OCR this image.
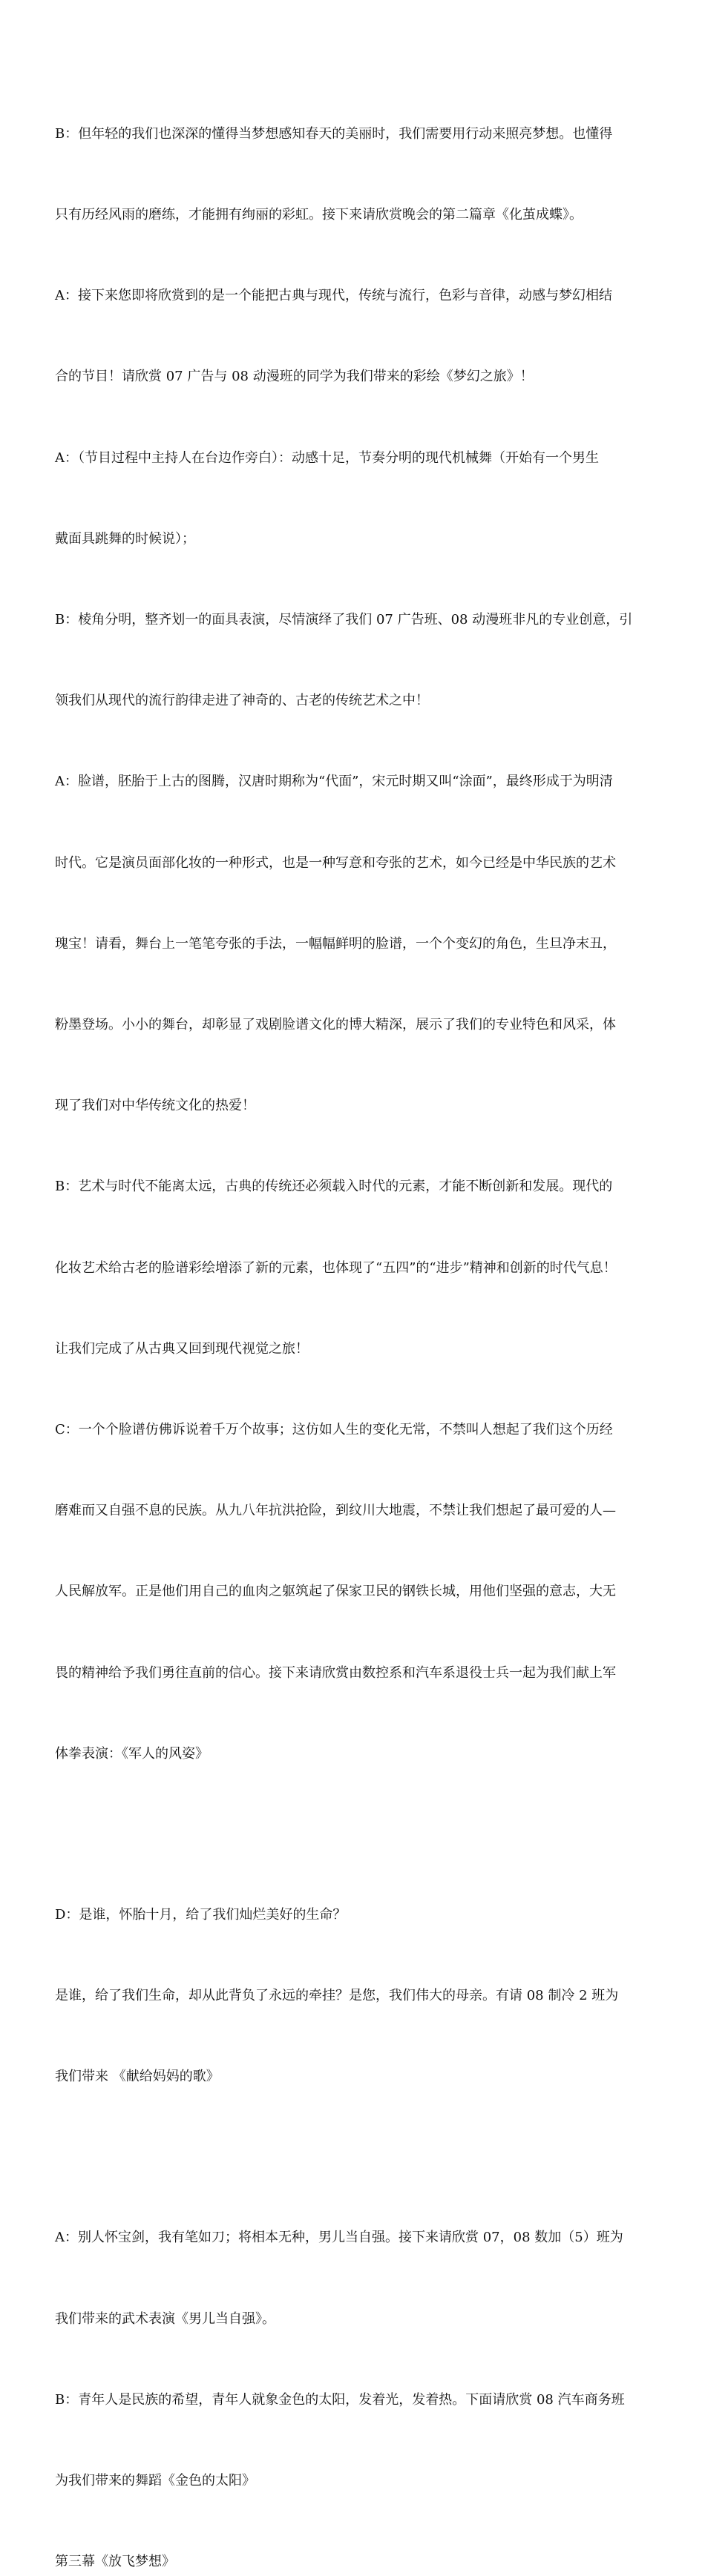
B：但年轻的我们也深深的懂得当梦想感知春天的美丽时，我们需要用行动来照亮梦想。也懂得

只有历经风雨的磨练，才能拥有绚丽的彩虹。接下来请欣赏晚会的第二篇章《化茧成蝶》。

A：接下来您即将欣赏到的是一个能把古典与现代，传统与流行，色彩与音律，动感与梦幻相结

合的节目！请欣赏 07 广告与 08 动漫班的同学为我们带来的彩绘《梦幻之旅》！

A：（节目过程中主持人在台边作旁白）：动感十足，节奏分明的现代机械舞（开始有一个男生

戴面具跳舞的时候说）；

B：棱角分明，整齐划一的面具表演，尽情演绎了我们 07 广告班、08 动漫班非凡的专业创意，引

领我们从现代的流行韵律走进了神奇的、古老的传统艺术之中！

A：脸谱，胚胎于上古的图腾，汉唐时期称为“代面”，宋元时期又叫“涂面”，最终形成于为明清

时代。它是演员面部化妆的一种形式，也是一种写意和夸张的艺术，如今已经是中华民族的艺术

瑰宝！请看，舞台上一笔笔夸张的手法，一幅幅鲜明的脸谱，一个个变幻的角色，生旦净末丑，

粉墨登场。小小的舞台，却彰显了戏剧脸谱文化的博大精深，展示了我们的专业特色和风采，体

现了我们对中华传统文化的热爱！

B：艺术与时代不能离太远，古典的传统还必须载入时代的元素，才能不断创新和发展。现代的

化妆艺术给古老的脸谱彩绘增添了新的元素，也体现了“五四”的“进步”精神和创新的时代气息！

让我们完成了从古典又回到现代视觉之旅！

C：一个个脸谱仿佛诉说着千万个故事；这仿如人生的变化无常，不禁叫人想起了我们这个历经

磨难而又自强不息的民族。从九八年抗洪抢险，到纹川大地震，不禁让我们想起了最可爱的人—

人民解放军。正是他们用自己的血肉之躯筑起了保家卫民的钢铁长城，用他们坚强的意志，大无

畏的精神给予我们勇往直前的信心。接下来请欣赏由数控系和汽车系退役士兵一起为我们献上军

体拳表演：《军人的风姿》

D：是谁，怀胎十月，给了我们灿烂美好的生命？

是谁，给了我们生命，却从此背负了永远的牵挂？是您，我们伟大的母亲。有请 08 制冷 2 班为

我们带来 《献给妈妈的歌》

A：别人怀宝剑，我有笔如刀；将相本无种，男儿当自强。接下来请欣赏 07，08 数加（5）班为

我们带来的武术表演《男儿当自强》。

B：青年人是民族的希望，青年人就象金色的太阳，发着光，发着热。下面请欣赏 08 汽车商务班

为我们带来的舞蹈《金色的太阳》

第三幕《放飞梦想》
